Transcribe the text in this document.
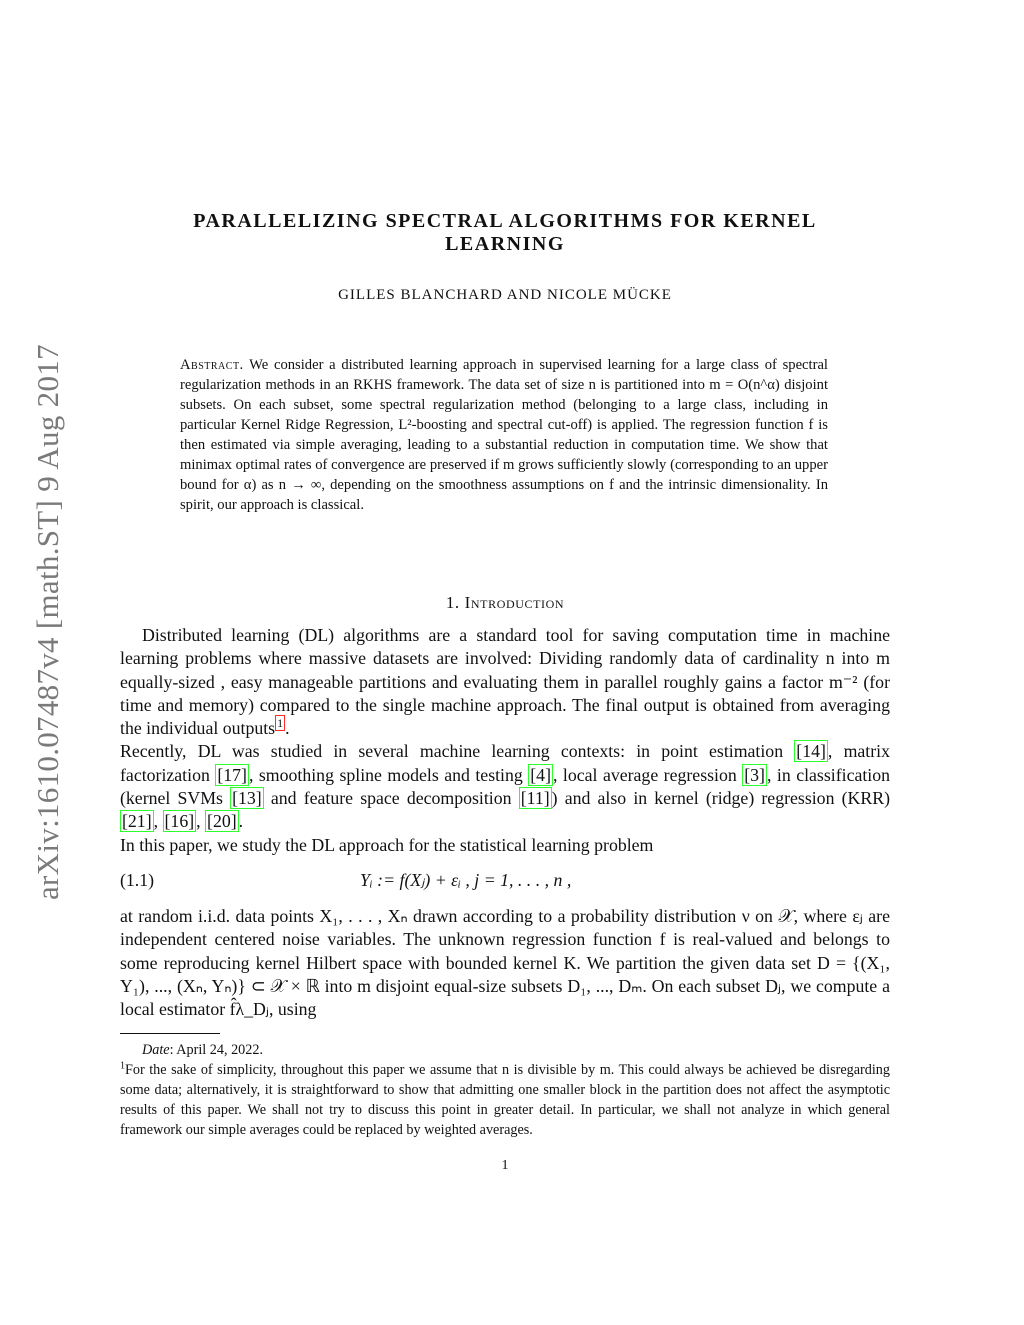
arXiv:1610.07487v4 [math.ST] 9 Aug 2017
PARALLELIZING SPECTRAL ALGORITHMS FOR KERNEL
LEARNING
GILLES BLANCHARD AND NICOLE MÜCKE
Abstract. We consider a distributed learning approach in supervised learning for a large class of spectral regularization methods in an RKHS framework. The data set of size n is partitioned into m = O(n^α) disjoint subsets. On each subset, some spectral regularization method (belonging to a large class, including in particular Kernel Ridge Regression, L²-boosting and spectral cut-off) is applied. The regression function f is then estimated via simple averaging, leading to a substantial reduction in computation time. We show that minimax optimal rates of convergence are preserved if m grows sufficiently slowly (corresponding to an upper bound for α) as n → ∞, depending on the smoothness assumptions on f and the intrinsic dimensionality. In spirit, our approach is classical.
1. Introduction

Distributed learning (DL) algorithms are a standard tool for saving computation time in machine learning problems where massive datasets are involved: Dividing randomly data of cardinality n into m equally-sized , easy manageable partitions and evaluating them in parallel roughly gains a factor m⁻² (for time and memory) compared to the single machine approach. The final output is obtained from averaging the individual outputs $^1$ .

Recently, DL was studied in several machine learning contexts: in point estimation [14] , matrix factorization [17] , smoothing spline models and testing [4] , local average regression [3] , in classification (kernel SVMs [13] and feature space decomposition [11] ) and also in kernel (ridge) regression (KRR) [21] , [16] , [20] .

In this paper, we study the DL approach for the statistical learning problem

(1.1)	Yᵢ := f(Xⱼ) + εᵢ , j = 1, . . . , n ,

at random i.i.d. data points X₁, . . . , Xₙ drawn according to a probability distribution ν on 𝒳, where εⱼ are independent centered noise variables. The unknown regression function f is real-valued and belongs to some reproducing kernel Hilbert space with bounded kernel K. We partition the given data set D = {(X₁, Y₁), ..., (Xₙ, Yₙ)} ⊂ 𝒳 × ℝ into m disjoint equal-size subsets D₁, ..., Dₘ. On each subset Dⱼ, we compute a local estimator f̂λ_Dⱼ, using

Date: April 24, 2022.

$^1$For the sake of simplicity, throughout this paper we assume that n is divisible by m. This could always be achieved be disregarding some data; alternatively, it is straightforward to show that admitting one smaller block in the partition does not affect the asymptotic results of this paper. We shall not try to discuss this point in greater detail. In particular, we shall not analyze in which general framework our simple averages could be replaced by weighted averages.

1
